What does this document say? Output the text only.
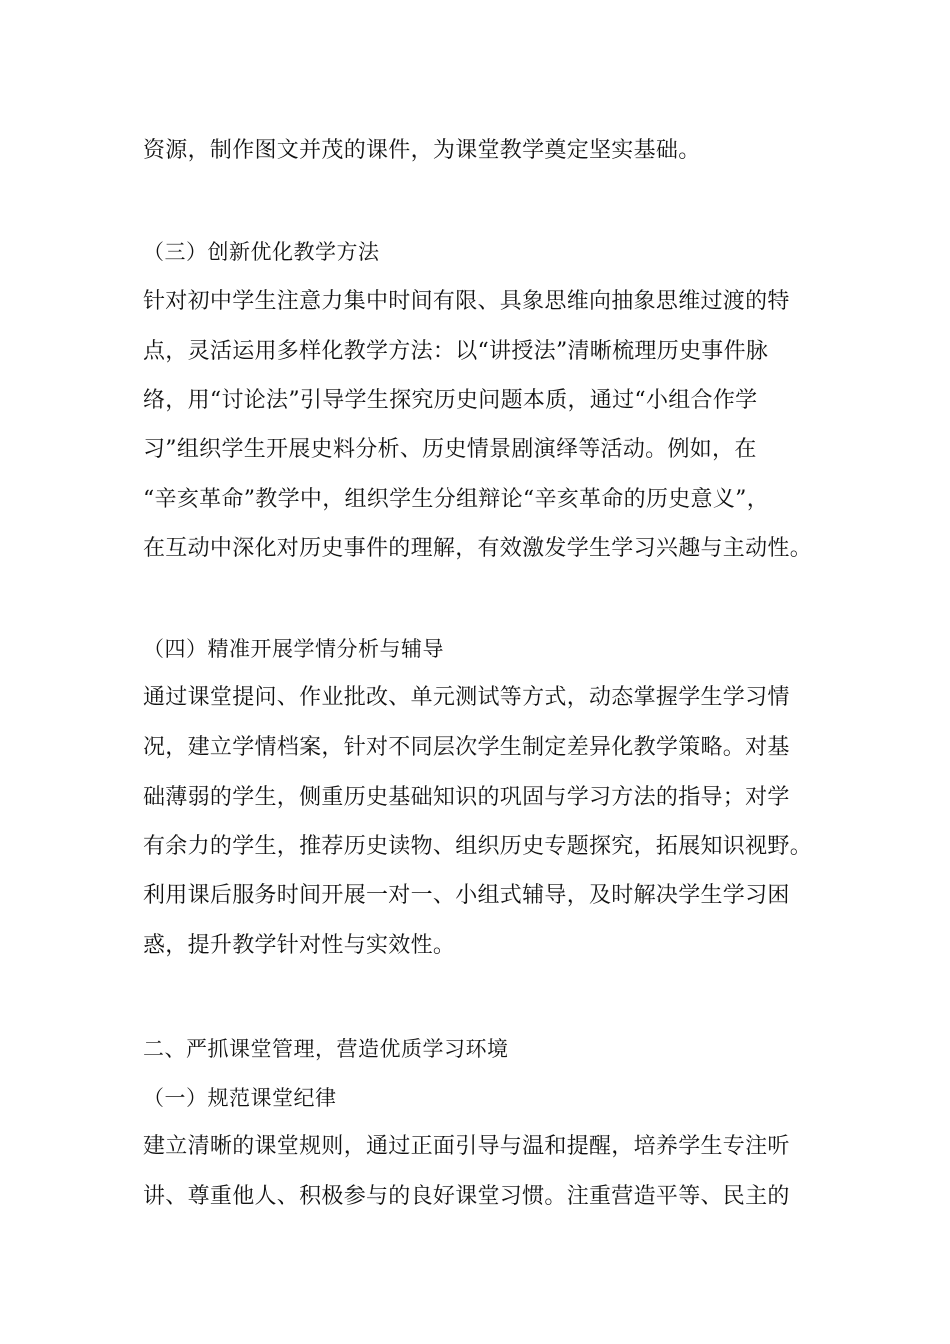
资源，制作图文并茂的课件，为课堂教学奠定坚实基础。
（三）创新优化教学方法
针对初中学生注意力集中时间有限、具象思维向抽象思维过渡的特
点，灵活运用多样化教学方法：以“讲授法”清晰梳理历史事件脉
络，用“讨论法”引导学生探究历史问题本质，通过“小组合作学
习”组织学生开展史料分析、历史情景剧演绎等活动。例如，在
“辛亥革命”教学中，组织学生分组辩论“辛亥革命的历史意义”，
在互动中深化对历史事件的理解，有效激发学生学习兴趣与主动性。
（四）精准开展学情分析与辅导
通过课堂提问、作业批改、单元测试等方式，动态掌握学生学习情
况，建立学情档案，针对不同层次学生制定差异化教学策略。对基
础薄弱的学生，侧重历史基础知识的巩固与学习方法的指导；对学
有余力的学生，推荐历史读物、组织历史专题探究，拓展知识视野。
利用课后服务时间开展一对一、小组式辅导，及时解决学生学习困
惑，提升教学针对性与实效性。
二、严抓课堂管理，营造优质学习环境
（一）规范课堂纪律
建立清晰的课堂规则，通过正面引导与温和提醒，培养学生专注听
讲、尊重他人、积极参与的良好课堂习惯。注重营造平等、民主的
